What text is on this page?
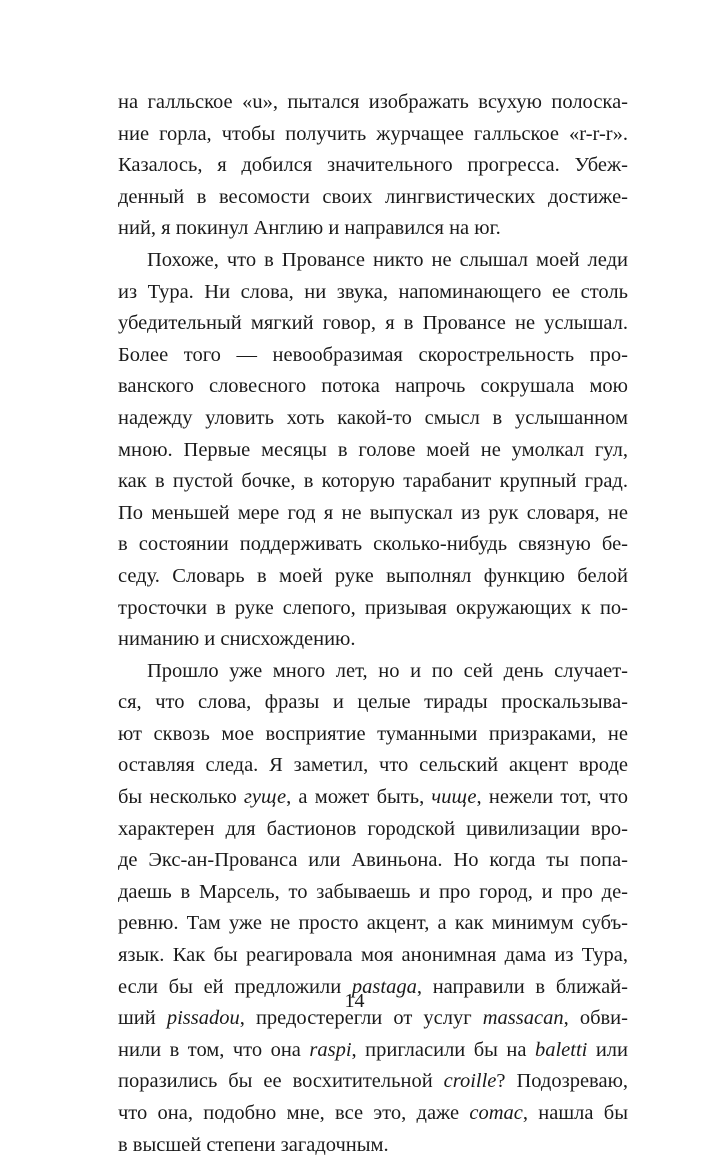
на галльское «u», пытался изображать всухую полоска-
ние горла, чтобы получить журчащее галльское «r-r-r».
Казалось, я добился значительного прогресса. Убеж-
денный в весомости своих лингвистических достиже-
ний, я покинул Англию и направился на юг.
Похоже, что в Провансе никто не слышал моей леди
из Тура. Ни слова, ни звука, напоминающего ее столь
убедительный мягкий говор, я в Провансе не услышал.
Более того — невообразимая скорострельность про-
ванского словесного потока напрочь сокрушала мою
надежду уловить хоть какой-то смысл в услышанном
мною. Первые месяцы в голове моей не умолкал гул,
как в пустой бочке, в которую тарабанит крупный град.
По меньшей мере год я не выпускал из рук словаря, не
в состоянии поддерживать сколько-нибудь связную бе-
седу. Словарь в моей руке выполнял функцию белой
тросточки в руке слепого, призывая окружающих к по-
ниманию и снисхождению.
Прошло уже много лет, но и по сей день случает-
ся, что слова, фразы и целые тирады проскальзыва-
ют сквозь мое восприятие туманными призраками, не
оставляя следа. Я заметил, что сельский акцент вроде
бы несколько гуще, а может быть, чище, нежели тот, что
характерен для бастионов городской цивилизации вро-
де Экс-ан-Прованса или Авиньона. Но когда ты попа-
даешь в Марсель, то забываешь и про город, и про де-
ревню. Там уже не просто акцент, а как минимум субъ-
язык. Как бы реагировала моя анонимная дама из Тура,
если бы ей предложили pastaga, направили в ближай-
ший pissadou, предостерегли от услуг massacan, обви-
нили в том, что она raspi, пригласили бы на baletti или
поразились бы ее восхитительной croille? Подозреваю,
что она, подобно мне, все это, даже comac, нашла бы
в высшей степени загадочным.
14
